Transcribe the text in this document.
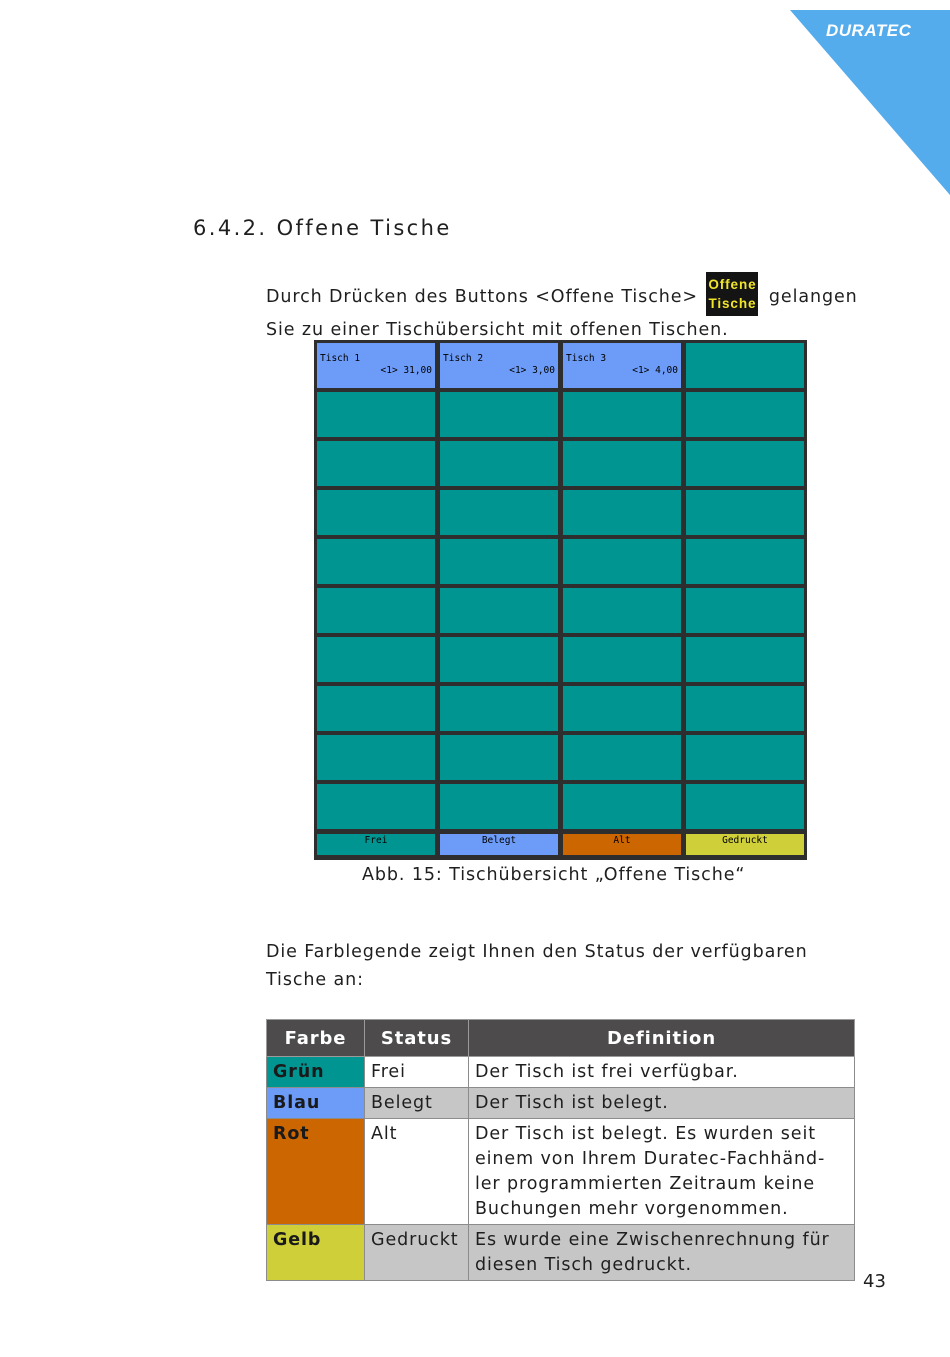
DURATEC
6.4.2. Offene Tische
Durch Drücken des Buttons <Offene Tische>
Offene
Tische gelangen Sie zu einer Tischübersicht mit offenen Tischen.
Tisch 1
<1> 31,00
Tisch 2
<1> 3,00
Tisch 3
<1> 4,00
Frei	Belegt	Alt	Gedruckt
Abb. 15: Tischübersicht „Offene Tische“
Die Farblegende zeigt Ihnen den Status der verfügbaren Tische an:
Farbe	Status	Definition
Grün	Frei	Der Tisch ist frei verfügbar.
Blau	Belegt	Der Tisch ist belegt.
Rot	Alt	Der Tisch ist belegt. Es wurden seit einem von Ihrem Duratec-Fachhänd-ler programmierten Zeitraum keine Buchungen mehr vorgenommen.
Gelb	Gedruckt	Es wurde eine Zwischenrechnung für diesen Tisch gedruckt.
43
